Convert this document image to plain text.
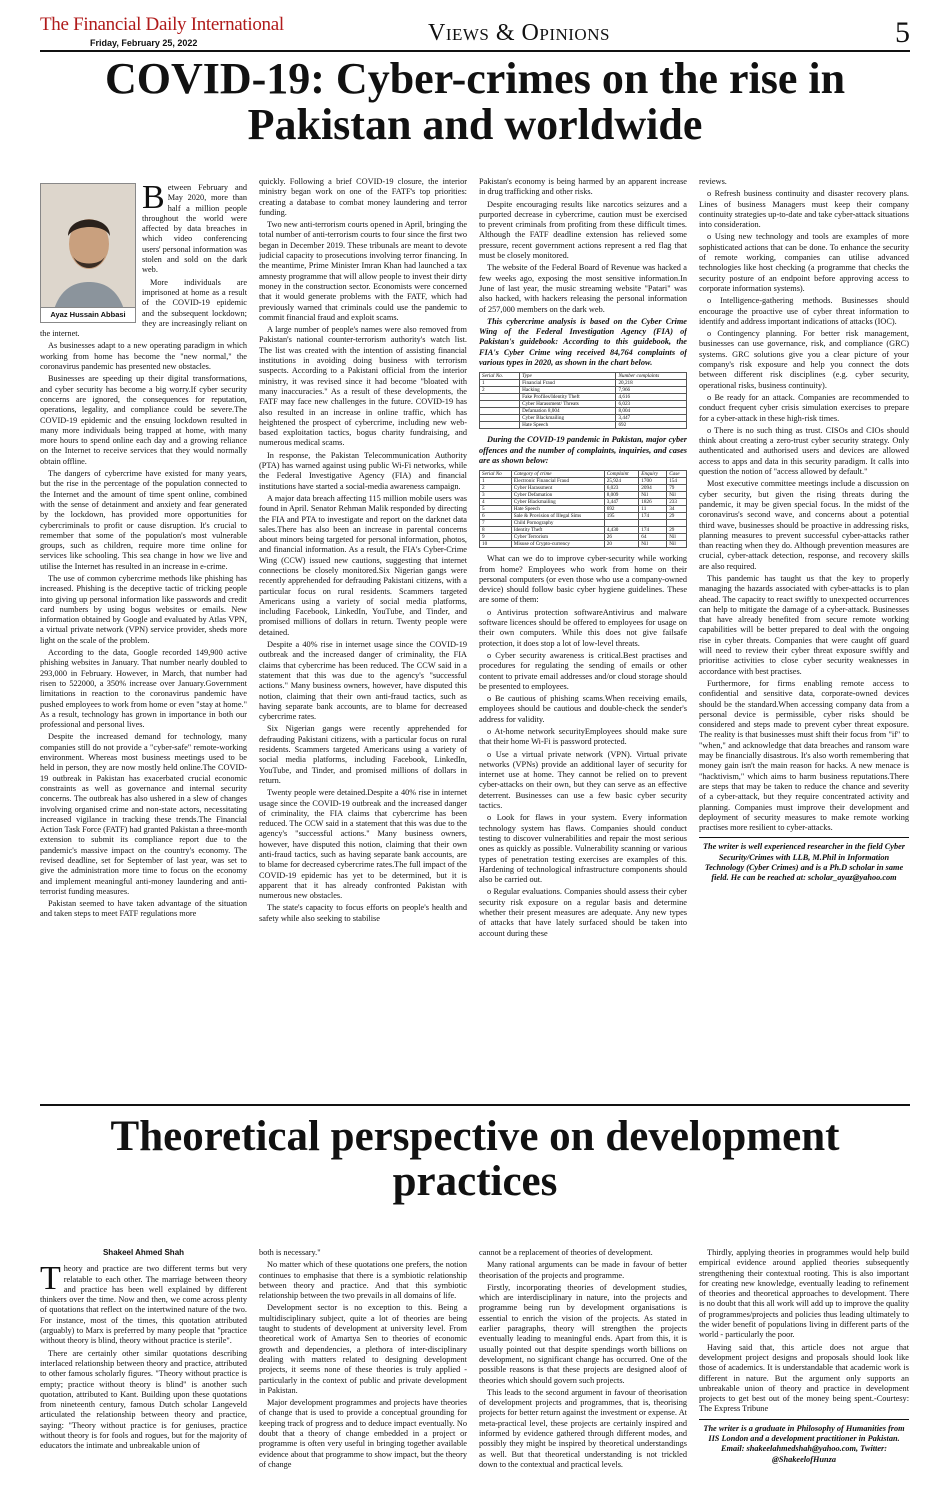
The Financial Daily International
Friday, February 25, 2022	Views & Opinions	5
COVID-19: Cyber-crimes on the rise in Pakistan and worldwide
Ayaz Hussain Abbasi
B etween February and May 2020, more than half a million people throughout the world were affected by data breaches in which video conferencing users' personal information was stolen and sold on the dark web.

More individuals are imprisoned at home as a result of the COVID-19 epidemic and the subsequent lockdown; they are increasingly reliant on the internet.

As businesses adapt to a new operating paradigm in which working from home has become the "new normal," the coronavirus pandemic has presented new obstacles.

Businesses are speeding up their digital transformations, and cyber security has become a big worry.If cyber security concerns are ignored, the consequences for reputation, operations, legality, and compliance could be severe.The COVID-19 epidemic and the ensuing lockdown resulted in many more individuals being trapped at home, with many more hours to spend online each day and a growing reliance on the Internet to receive services that they would normally obtain offline.

The dangers of cybercrime have existed for many years, but the rise in the percentage of the population connected to the Internet and the amount of time spent online, combined with the sense of detainment and anxiety and fear generated by the lockdown, has provided more opportunities for cybercriminals to profit or cause disruption. It's crucial to remember that some of the population's most vulnerable groups, such as children, require more time online for services like schooling. This sea change in how we live and utilise the Internet has resulted in an increase in e-crime.

The use of common cybercrime methods like phishing has increased. Phishing is the deceptive tactic of tricking people into giving up personal information like passwords and credit card numbers by using bogus websites or emails. New information obtained by Google and evaluated by Atlas VPN, a virtual private network (VPN) service provider, sheds more light on the scale of the problem.

According to the data, Google recorded 149,900 active phishing websites in January. That number nearly doubled to 293,000 in February. However, in March, that number had risen to 522000, a 350% increase over January.Government limitations in reaction to the coronavirus pandemic have pushed employees to work from home or even "stay at home." As a result, technology has grown in importance in both our professional and personal lives.

Despite the increased demand for technology, many companies still do not provide a "cyber-safe" remote-working environment. Whereas most business meetings used to be held in person, they are now mostly held online.The COVID-19 outbreak in Pakistan has exacerbated crucial economic constraints as well as governance and internal security concerns. The outbreak has also ushered in a slew of changes involving organised crime and non-state actors, necessitating increased vigilance in tracking these trends.The Financial Action Task Force (FATF) had granted Pakistan a three-month extension to submit its compliance report due to the pandemic's massive impact on the country's economy. The revised deadline, set for September of last year, was set to give the administration more time to focus on the economy and implement meaningful anti-money laundering and anti-terrorist funding measures.

Pakistan seemed to have taken advantage of the situation and taken steps to meet FATF regulations more

quickly. Following a brief COVID-19 closure, the interior ministry began work on one of the FATF's top priorities: creating a database to combat money laundering and terror funding.

Two new anti-terrorism courts opened in April, bringing the total number of anti-terrorism courts to four since the first two began in December 2019. These tribunals are meant to devote judicial capacity to prosecutions involving terror financing. In the meantime, Prime Minister Imran Khan had launched a tax amnesty programme that will allow people to invest their dirty money in the construction sector. Economists were concerned that it would generate problems with the FATF, which had previously warned that criminals could use the pandemic to commit financial fraud and exploit scams.

A large number of people's names were also removed from Pakistan's national counter-terrorism authority's watch list. The list was created with the intention of assisting financial institutions in avoiding doing business with terrorism suspects. According to a Pakistani official from the interior ministry, it was revised since it had become "bloated with many inaccuracies." As a result of these developments, the FATF may face new challenges in the future. COVID-19 has also resulted in an increase in online traffic, which has heightened the prospect of cybercrime, including new web-based exploitation tactics, bogus charity fundraising, and numerous medical scams.

In response, the Pakistan Telecommunication Authority (PTA) has warned against using public Wi-Fi networks, while the Federal Investigative Agency (FIA) and financial institutions have started a social-media awareness campaign.

A major data breach affecting 115 million mobile users was found in April. Senator Rehman Malik responded by directing the FIA and PTA to investigate and report on the darknet data sales.There has also been an increase in parental concerns about minors being targeted for personal information, photos, and financial information. As a result, the FIA's Cyber-Crime Wing (CCW) issued new cautions, suggesting that internet connections be closely monitored.Six Nigerian gangs were recently apprehended for defrauding Pakistani citizens, with a particular focus on rural residents. Scammers targeted Americans using a variety of social media platforms, including Facebook, LinkedIn, YouTube, and Tinder, and promised millions of dollars in return. Twenty people were detained.

Despite a 40% rise in internet usage since the COVID-19 outbreak and the increased danger of criminality, the FIA claims that cybercrime has been reduced. The CCW said in a statement that this was due to the agency's "successful actions." Many business owners, however, have disputed this notion, claiming that their own anti-fraud tactics, such as having separate bank accounts, are to blame for decreased cybercrime rates.

Six Nigerian gangs were recently apprehended for defrauding Pakistani citizens, with a particular focus on rural residents. Scammers targeted Americans using a variety of social media platforms, including Facebook, LinkedIn, YouTube, and Tinder, and promised millions of dollars in return.

Twenty people were detained.Despite a 40% rise in internet usage since the COVID-19 outbreak and the increased danger of criminality, the FIA claims that cybercrime has been reduced. The CCW said in a statement that this was due to the agency's "successful actions." Many business owners, however, have disputed this notion, claiming that their own anti-fraud tactics, such as having separate bank accounts, are to blame for decreased cybercrime rates.The full impact of the COVID-19 epidemic has yet to be determined, but it is apparent that it has already confronted Pakistan with numerous new obstacles.

The state's capacity to focus efforts on people's health and safety while also seeking to stabilise

Pakistan's economy is being harmed by an apparent increase in drug trafficking and other risks.

Despite encouraging results like narcotics seizures and a purported decrease in cybercrime, caution must be exercised to prevent criminals from profiting from these difficult times. Although the FATF deadline extension has relieved some pressure, recent government actions represent a red flag that must be closely monitored.

The website of the Federal Board of Revenue was hacked a few weeks ago, exposing the most sensitive information.In June of last year, the music streaming website "Patari" was also hacked, with hackers releasing the personal information of 257,000 members on the dark web.

This cybercrime analysis is based on the Cyber Crime Wing of the Federal Investigation Agency (FIA) of Pakistan's guidebook: According to this guidebook, the FIA's Cyber Crime wing received 84,764 complaints of various types in 2020, as shown in the chart below.

Serial No.	Type	Number complaints
1	Financial Fraud	20,218
2	Hacking	7,966
	Fake Profiles/Identity Theft	4,616
	Cyber Harassment/ Threats	6,023
	Defamation 8,004	8,004
	Cyber Blackmailing	3,447
	Hate Speech	692

During the COVID-19 pandemic in Pakistan, major cyber offences and the number of complaints, inquiries, and cases are as shown below:

Serial No	Category of crime	Complaint	Enquiry	Case
1	Electronic Financial Fraud	25,924	1700	154
2	Cyber Harassment	6,023	2094	79
3	Cyber Defamation	8,009	Nil	Nil
4	Cyber Blackmailing	3,447	1826	233
5	Hate Speech	692	11	34
6	Sale & Provision of Illegal Sims	195	174	29
7	Child Pornography			
8	Identity Theft	4,430	174	29
9	Cyber Terrorism	26	64	Nil
10	Misuse of Crypto-currency	20	Nil	Nil

What can we do to improve cyber-security while working from home? Employees who work from home on their personal computers (or even those who use a company-owned device) should follow basic cyber hygiene guidelines. These are some of them:

o Antivirus protection softwareAntivirus and malware software licences should be offered to employees for usage on their own computers. While this does not give failsafe protection, it does stop a lot of low-level threats.

o Cyber security awareness is critical.Best practises and procedures for regulating the sending of emails or other content to private email addresses and/or cloud storage should be presented to employees.

o Be cautious of phishing scams.When receiving emails, employees should be cautious and double-check the sender's address for validity.

o At-home network securityEmployees should make sure that their home Wi-Fi is password protected.

o Use a virtual private network (VPN). Virtual private networks (VPNs) provide an additional layer of security for internet use at home. They cannot be relied on to prevent cyber-attacks on their own, but they can serve as an effective deterrent. Businesses can use a few basic cyber security tactics.

o Look for flaws in your system. Every information technology system has flaws. Companies should conduct testing to discover vulnerabilities and repair the most serious ones as quickly as possible. Vulnerability scanning or various types of penetration testing exercises are examples of this. Hardening of technological infrastructure components should also be carried out.

o Regular evaluations. Companies should assess their cyber security risk exposure on a regular basis and determine whether their present measures are adequate. Any new types of attacks that have lately surfaced should be taken into account during these

reviews.

o Refresh business continuity and disaster recovery plans. Lines of business Managers must keep their company continuity strategies up-to-date and take cyber-attack situations into consideration.

o Using new technology and tools are examples of more sophisticated actions that can be done. To enhance the security of remote working, companies can utilise advanced technologies like host checking (a programme that checks the security posture of an endpoint before approving access to corporate information systems).

o Intelligence-gathering methods. Businesses should encourage the proactive use of cyber threat information to identify and address important indications of attacks (IOC).

o Contingency planning. For better risk management, businesses can use governance, risk, and compliance (GRC) systems. GRC solutions give you a clear picture of your company's risk exposure and help you connect the dots between different risk disciplines (e.g. cyber security, operational risks, business continuity).

o Be ready for an attack. Companies are recommended to conduct frequent cyber crisis simulation exercises to prepare for a cyber-attack in these high-risk times.

o There is no such thing as trust. CISOs and CIOs should think about creating a zero-trust cyber security strategy. Only authenticated and authorised users and devices are allowed access to apps and data in this security paradigm. It calls into question the notion of "access allowed by default."

Most executive committee meetings include a discussion on cyber security, but given the rising threats during the pandemic, it may be given special focus. In the midst of the coronavirus's second wave, and concerns about a potential third wave, businesses should be proactive in addressing risks, planning measures to prevent successful cyber-attacks rather than reacting when they do. Although prevention measures are crucial, cyber-attack detection, response, and recovery skills are also required.

This pandemic has taught us that the key to properly managing the hazards associated with cyber-attacks is to plan ahead. The capacity to react swiftly to unexpected occurrences can help to mitigate the damage of a cyber-attack. Businesses that have already benefited from secure remote working capabilities will be better prepared to deal with the ongoing rise in cyber threats. Companies that were caught off guard will need to review their cyber threat exposure swiftly and prioritise activities to close cyber security weaknesses in accordance with best practises.

Furthermore, for firms enabling remote access to confidential and sensitive data, corporate-owned devices should be the standard.When accessing company data from a personal device is permissible, cyber risks should be considered and steps made to prevent cyber threat exposure. The reality is that businesses must shift their focus from "if" to "when," and acknowledge that data breaches and ransom ware may be financially disastrous. It's also worth remembering that money gain isn't the main reason for hacks. A new menace is "hacktivism," which aims to harm business reputations.There are steps that may be taken to reduce the chance and severity of a cyber-attack, but they require concentrated activity and planning. Companies must improve their development and deployment of security measures to make remote working practises more resilient to cyber-attacks.

The writer is well experienced researcher in the field Cyber Security/Crimes with LLB, M.Phil in Information Technology (Cyber Crimes) and is a Ph.D scholar in same field. He can be reached at: scholar_ayaz@yahoo.com

Theoretical perspective on development practices
Shakeel Ahmed Shah
T heory and practice are two different terms but very relatable to each other. The marriage between theory and practice has been well explained by different thinkers over the time. Now and then, we come across plenty of quotations that reflect on the intertwined nature of the two. For instance, most of the times, this quotation attributed (arguably) to Marx is preferred by many people that "practice without theory is blind, theory without practice is sterile".

There are certainly other similar quotations describing interlaced relationship between theory and practice, attributed to other famous scholarly figures. "Theory without practice is empty; practice without theory is blind" is another such quotation, attributed to Kant. Building upon these quotations from nineteenth century, famous Dutch scholar Langeveld articulated the relationship between theory and practice, saying: "Theory without practice is for geniuses, practice without theory is for fools and rogues, but for the majority of educators the intimate and unbreakable union of

both is necessary."

No matter which of these quotations one prefers, the notion continues to emphasise that there is a symbiotic relationship between theory and practice. And that this symbiotic relationship between the two prevails in all domains of life.

Development sector is no exception to this. Being a multidisciplinary subject, quite a lot of theories are being taught to students of development at university level. From theoretical work of Amartya Sen to theories of economic growth and dependencies, a plethora of inter-disciplinary dealing with matters related to designing development projects, it seems none of these theories is truly applied - particularly in the context of public and private development in Pakistan.

Major development programmes and projects have theories of change that is used to provide a conceptual grounding for keeping track of progress and to deduce impact eventually. No doubt that a theory of change embedded in a project or programme is often very useful in bringing together available evidence about that programme to show impact, but the theory of change

cannot be a replacement of theories of development.

Many rational arguments can be made in favour of better theorisation of the projects and programme.

Firstly, incorporating theories of development studies, which are interdisciplinary in nature, into the projects and programme being run by development organisations is essential to enrich the vision of the projects. As stated in earlier paragraphs, theory will strengthen the projects eventually leading to meaningful ends. Apart from this, it is usually pointed out that despite spendings worth billions on development, no significant change has occurred. One of the possible reasons is that these projects are designed aloof of theories which should govern such projects.

This leads to the second argument in favour of theorisation of development projects and programmes, that is, theorising projects for better return against the investment or expense. At meta-practical level, these projects are certainly inspired and informed by evidence gathered through different modes, and possibly they might be inspired by theoretical understandings as well. But that theoretical understanding is not trickled down to the contextual and practical levels.

Thirdly, applying theories in programmes would help build empirical evidence around applied theories subsequently strengthening their contextual rooting. This is also important for creating new knowledge, eventually leading to refinement of theories and theoretical approaches to development. There is no doubt that this all work will add up to improve the quality of programmes/projects and policies thus leading ultimately to the wider benefit of populations living in different parts of the world - particularly the poor.

Having said that, this article does not argue that development project designs and proposals should look like those of academics. It is understandable that academic work is different in nature. But the argument only supports an unbreakable union of theory and practice in development projects to get best out of the money being spent.-Courtesy: The Express Tribune

The writer is a graduate in Philosophy of Humanities from IIS London and a development practitioner in Pakistan. Email: shakeelahmedshah@yahoo.com, Twitter: @ShakeelofHunza
